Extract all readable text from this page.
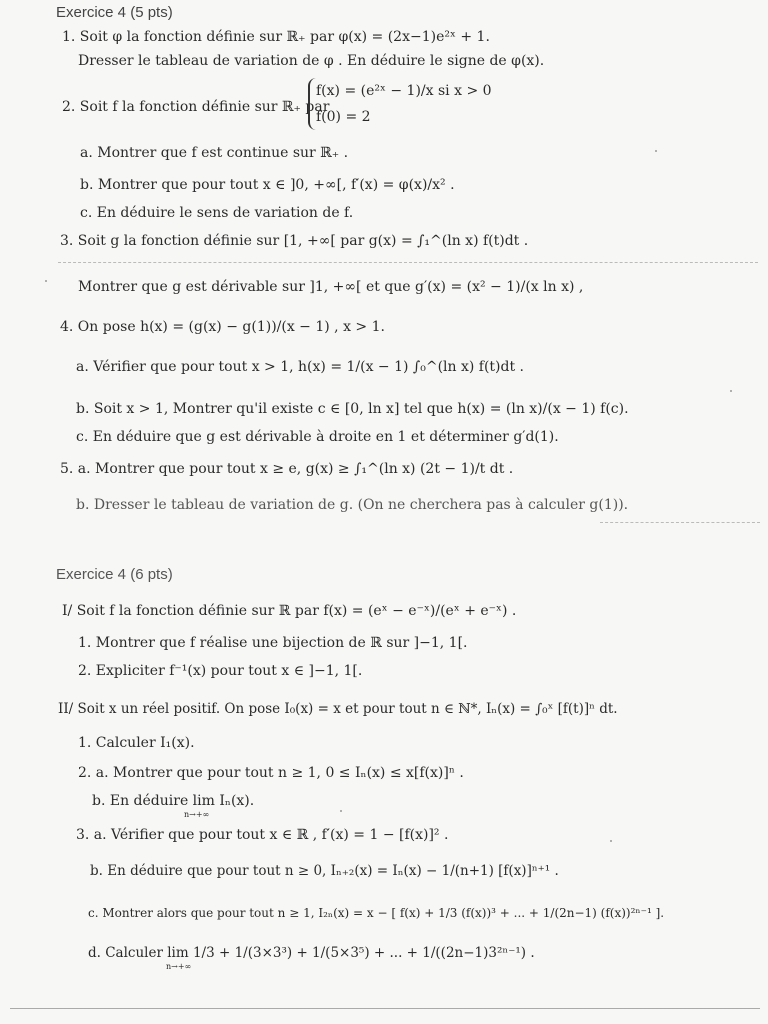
Exercice 4 (5 pts)
1. Soit φ la fonction définie sur ℝ₊ par φ(x) = (2x−1)e²ˣ + 1.
Dresser le tableau de variation de φ . En déduire le signe de φ(x).
2. Soit f la fonction définie sur ℝ₊ par
f(x) = (e²ˣ − 1)/x si x > 0
f(0) = 2
a. Montrer que f est continue sur ℝ₊ .
b. Montrer que pour tout x ∈ ]0, +∞[, f′(x) = φ(x)/x² .
c. En déduire le sens de variation de f.
3. Soit g la fonction définie sur [1, +∞[ par g(x) = ∫₁^(ln x) f(t)dt .
Montrer que g est dérivable sur ]1, +∞[ et que g′(x) = (x² − 1)/(x ln x) ,
4. On pose h(x) = (g(x) − g(1))/(x − 1) , x > 1.
a. Vérifier que pour tout x > 1, h(x) = 1/(x − 1) ∫₀^(ln x) f(t)dt .
b. Soit x > 1, Montrer qu'il existe c ∈ [0, ln x] tel que h(x) = (ln x)/(x − 1) f(c).
c. En déduire que g est dérivable à droite en 1 et déterminer g′d(1).
5. a. Montrer que pour tout x ≥ e, g(x) ≥ ∫₁^(ln x) (2t − 1)/t dt .
b. Dresser le tableau de variation de g. (On ne cherchera pas à calculer g(1)).
Exercice 4 (6 pts)
I/ Soit f la fonction définie sur ℝ par f(x) = (eˣ − e⁻ˣ)/(eˣ + e⁻ˣ) .
1. Montrer que f réalise une bijection de ℝ sur ]−1, 1[.
2. Expliciter f⁻¹(x) pour tout x ∈ ]−1, 1[.
II/ Soit x un réel positif. On pose I₀(x) = x et pour tout n ∈ ℕ*, Iₙ(x) = ∫₀ˣ [f(t)]ⁿ dt.
1. Calculer I₁(x).
2. a. Montrer que pour tout n ≥ 1, 0 ≤ Iₙ(x) ≤ x[f(x)]ⁿ .
b. En déduire lim Iₙ(x).
n→+∞
3. a. Vérifier que pour tout x ∈ ℝ , f′(x) = 1 − [f(x)]² .
b. En déduire que pour tout n ≥ 0, Iₙ₊₂(x) = Iₙ(x) − 1/(n+1) [f(x)]ⁿ⁺¹ .
c. Montrer alors que pour tout n ≥ 1, I₂ₙ(x) = x − [ f(x) + 1/3 (f(x))³ + ... + 1/(2n−1) (f(x))²ⁿ⁻¹ ].
d. Calculer lim 1/3 + 1/(3×3³) + 1/(5×3⁵) + ... + 1/((2n−1)3²ⁿ⁻¹) .
n→+∞
